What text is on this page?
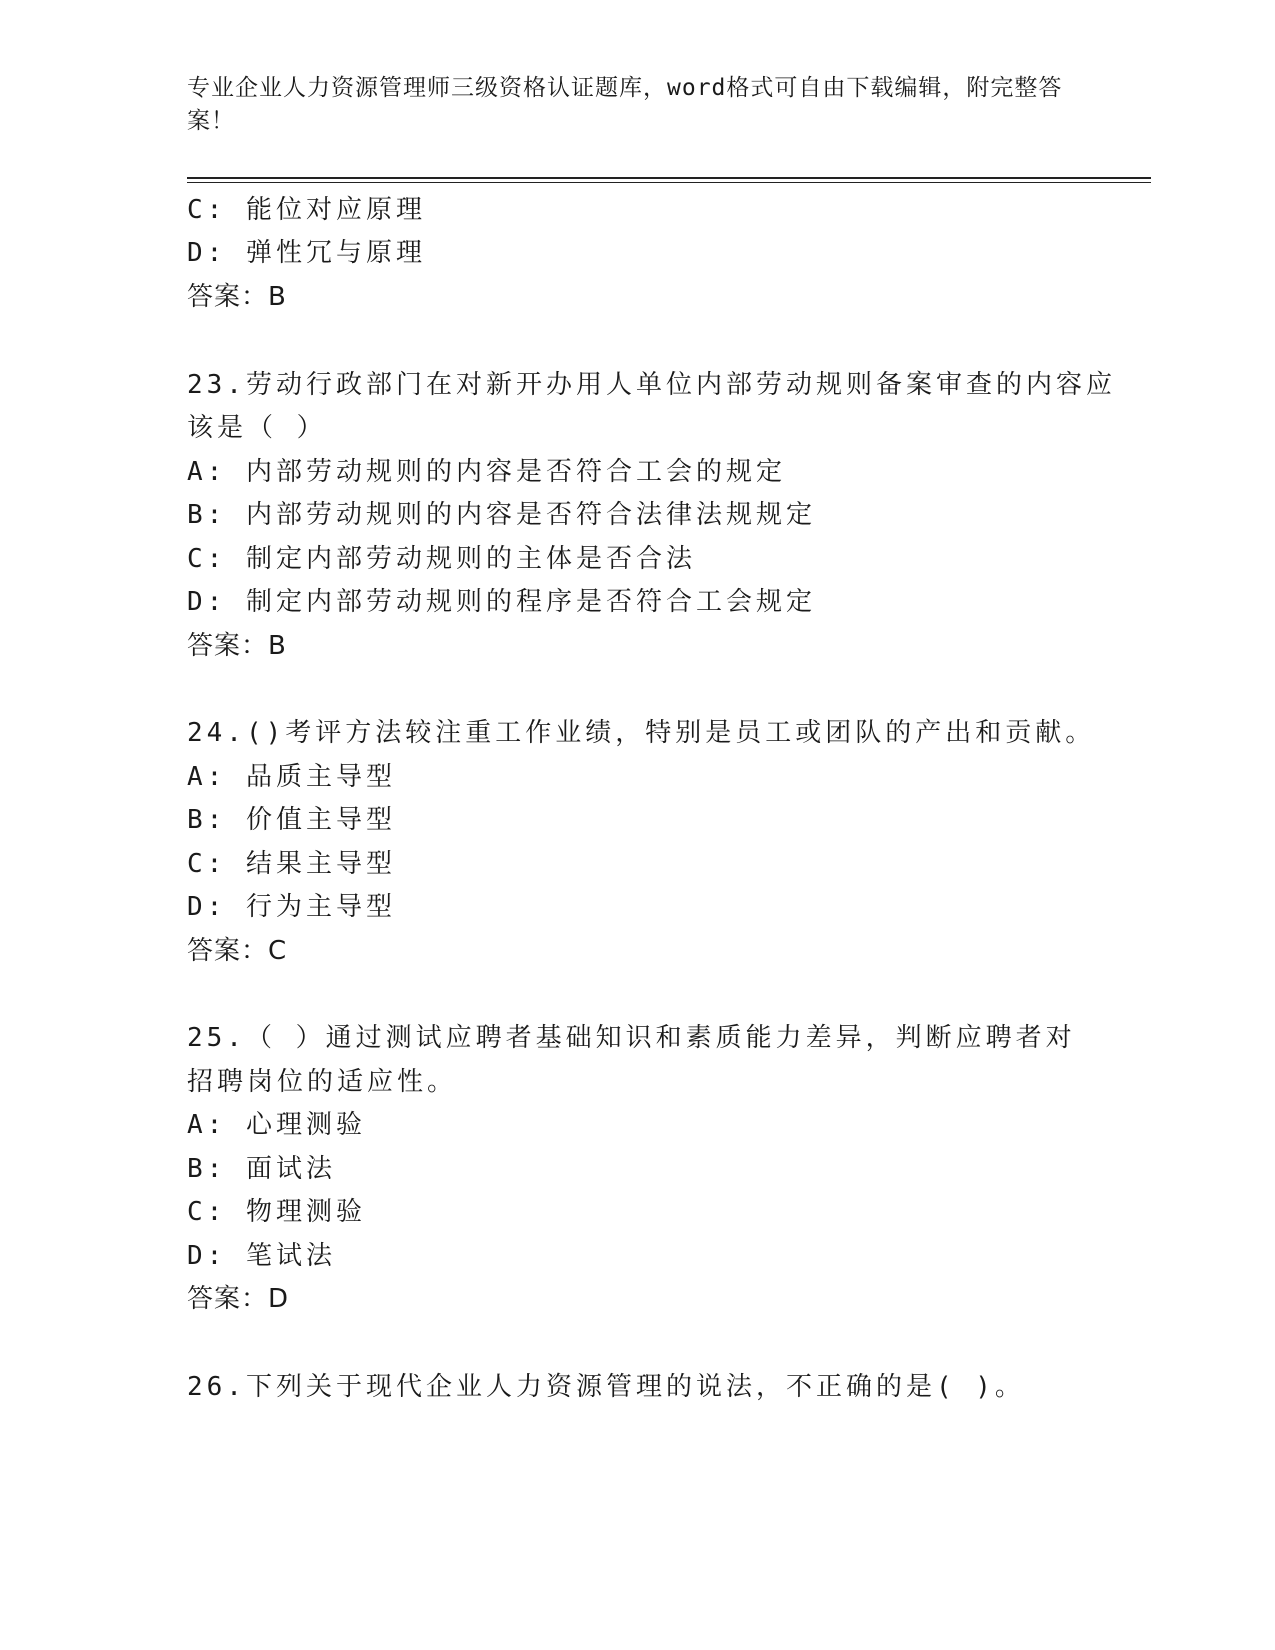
专业企业人力资源管理师三级资格认证题库，word格式可自由下载编辑，附完整答案！
C: 能位对应原理
D: 弹性冗与原理
答案：B
23.劳动行政部门在对新开办用人单位内部劳动规则备案审查的内容应
该是（ ）
A: 内部劳动规则的内容是否符合工会的规定
B: 内部劳动规则的内容是否符合法律法规规定
C: 制定内部劳动规则的主体是否合法
D: 制定内部劳动规则的程序是否符合工会规定
答案：B
24.()考评方法较注重工作业绩，特别是员工或团队的产出和贡献。
A: 品质主导型
B: 价值主导型
C: 结果主导型
D: 行为主导型
答案：C
25.（ ）通过测试应聘者基础知识和素质能力差异，判断应聘者对
招聘岗位的适应性。
A: 心理测验
B: 面试法
C: 物理测验
D: 笔试法
答案：D
26.下列关于现代企业人力资源管理的说法，不正确的是( )。
